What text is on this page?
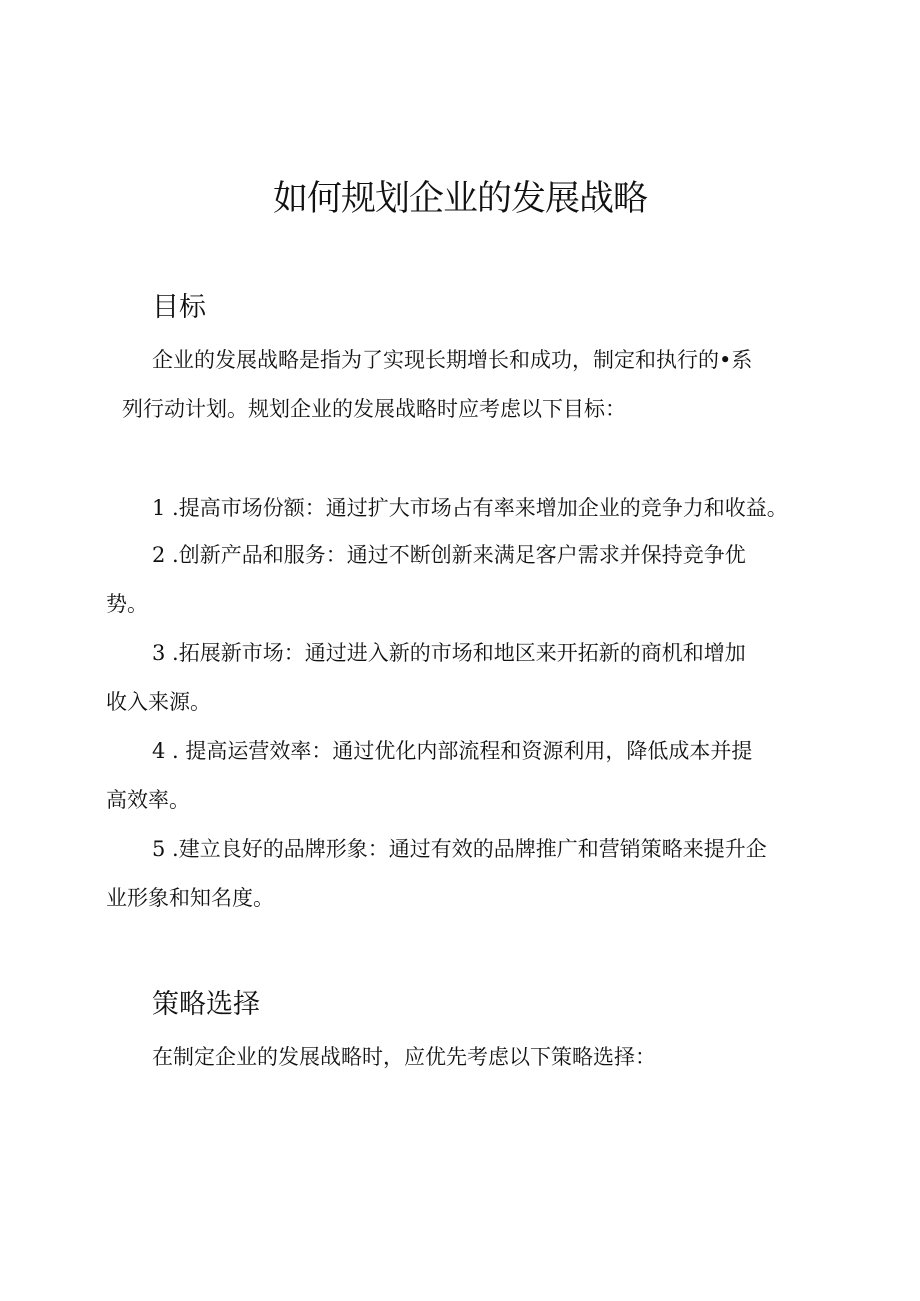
如何规划企业的发展战略
目标

企业的发展战略是指为了实现长期增长和成功，制定和执行的•系

列行动计划。规划企业的发展战略时应考虑以下目标：

1 .提高市场份额：通过扩大市场占有率来增加企业的竞争力和收益。

2 .创新产品和服务：通过不断创新来满足客户需求并保持竞争优

势。

3 .拓展新市场：通过进入新的市场和地区来开拓新的商机和增加

收入来源。

4 . 提高运营效率：通过优化内部流程和资源利用，降低成本并提

高效率。

5 .建立良好的品牌形象：通过有效的品牌推广和营销策略来提升企

业形象和知名度。

策略选择

在制定企业的发展战略时，应优先考虑以下策略选择：
